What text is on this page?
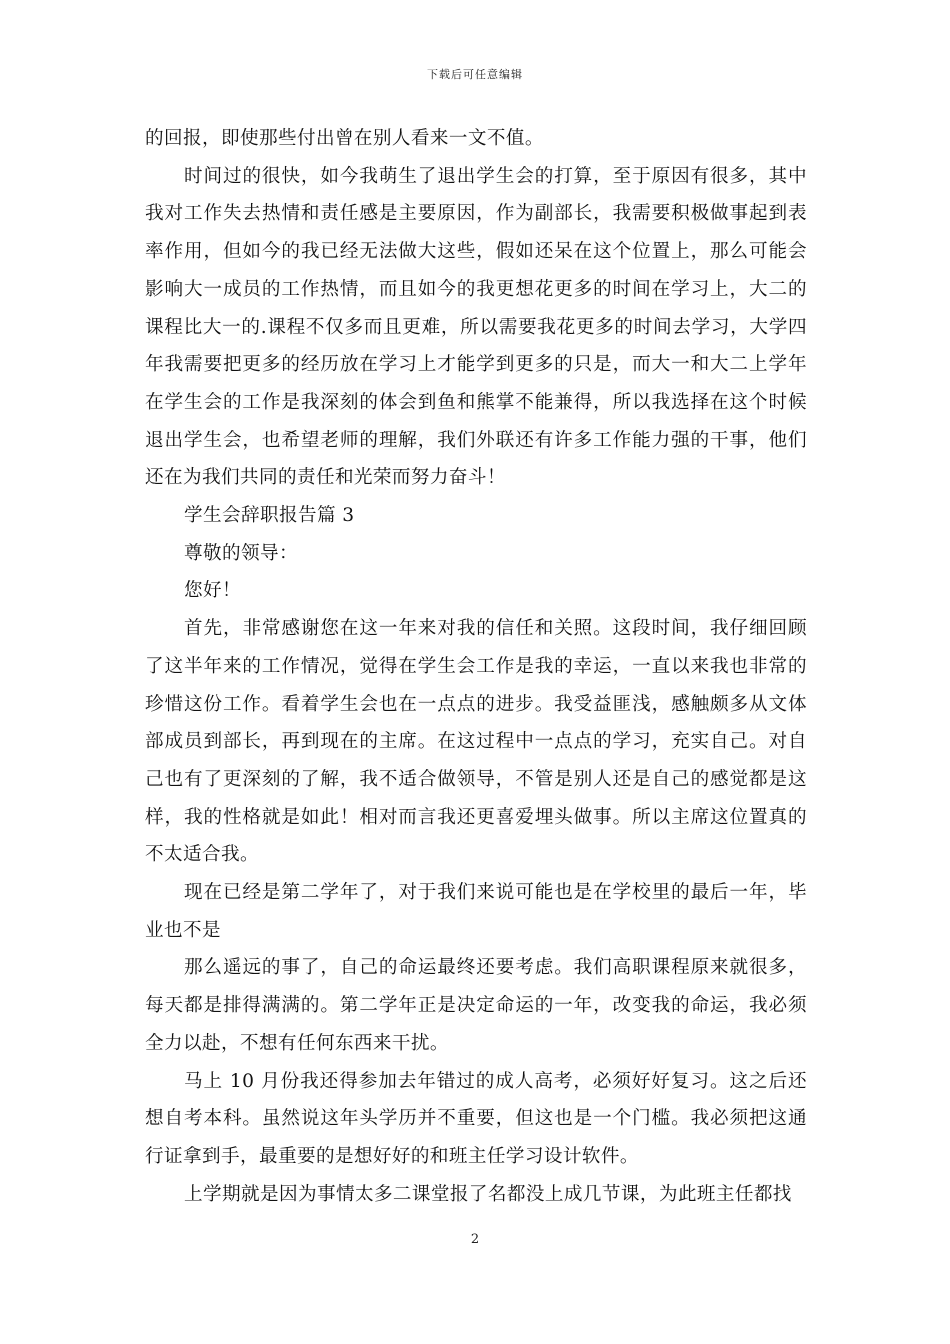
下载后可任意编辑

的回报，即使那些付出曾在别人看来一文不值。

时间过的很快，如今我萌生了退出学生会的打算，至于原因有很多，其中我对工作失去热情和责任感是主要原因，作为副部长，我需要积极做事起到表率作用，但如今的我已经无法做大这些，假如还呆在这个位置上，那么可能会影响大一成员的工作热情，而且如今的我更想花更多的时间在学习上，大二的课程比大一的.课程不仅多而且更难，所以需要我花更多的时间去学习，大学四年我需要把更多的经历放在学习上才能学到更多的只是，而大一和大二上学年在学生会的工作是我深刻的体会到鱼和熊掌不能兼得，所以我选择在这个时候退出学生会，也希望老师的理解，我们外联还有许多工作能力强的干事，他们还在为我们共同的责任和光荣而努力奋斗！

学生会辞职报告篇 3

尊敬的领导：

您好！

首先，非常感谢您在这一年来对我的信任和关照。这段时间，我仔细回顾了这半年来的工作情况，觉得在学生会工作是我的幸运，一直以来我也非常的珍惜这份工作。看着学生会也在一点点的进步。我受益匪浅，感触颇多从文体部成员到部长，再到现在的主席。在这过程中一点点的学习，充实自己。对自己也有了更深刻的了解，我不适合做领导，不管是别人还是自己的感觉都是这样，我的性格就是如此！相对而言我还更喜爱埋头做事。所以主席这位置真的不太适合我。

现在已经是第二学年了，对于我们来说可能也是在学校里的最后一年，毕业也不是

那么遥远的事了，自己的命运最终还要考虑。我们高职课程原来就很多，每天都是排得满满的。第二学年正是决定命运的一年，改变我的命运，我必须全力以赴，不想有任何东西来干扰。

马上 10 月份我还得参加去年错过的成人高考，必须好好复习。这之后还想自考本科。虽然说这年头学历并不重要，但这也是一个门槛。我必须把这通行证拿到手，最重要的是想好好的和班主任学习设计软件。

上学期就是因为事情太多二课堂报了名都没上成几节课，为此班主任都找

2
